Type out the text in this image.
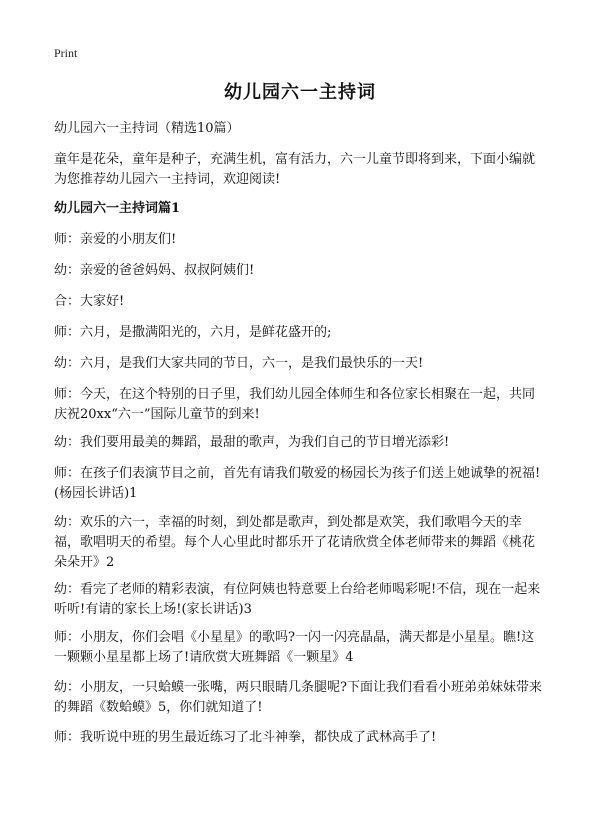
Print
幼儿园六一主持词

幼儿园六一主持词（精选10篇）

童年是花朵，童年是种子，充满生机，富有活力，六一儿童节即将到来，下面小编就为您推荐幼儿园六一主持词，欢迎阅读!

幼儿园六一主持词篇1

师：亲爱的小朋友们!

幼：亲爱的爸爸妈妈、叔叔阿姨们!

合：大家好!

师：六月，是撒满阳光的，六月，是鲜花盛开的;

幼：六月，是我们大家共同的节日，六一，是我们最快乐的一天!

师：今天，在这个特别的日子里，我们幼儿园全体师生和各位家长相聚在一起，共同庆祝20xx“六一”国际儿童节的到来!

幼：我们要用最美的舞蹈，最甜的歌声，为我们自己的节日增光添彩!

师：在孩子们表演节目之前，首先有请我们敬爱的杨园长为孩子们送上她诚挚的祝福!(杨园长讲话)1

幼：欢乐的六一，幸福的时刻，到处都是歌声，到处都是欢笑，我们歌唱今天的幸福，歌唱明天的希望。每个人心里此时都乐开了花请欣赏全体老师带来的舞蹈《桃花朵朵开》2

幼：看完了老师的精彩表演，有位阿姨也特意要上台给老师喝彩呢!不信，现在一起来听听!有请的家长上场!(家长讲话)3

师：小朋友，你们会唱《小星星》的歌吗?一闪一闪亮晶晶，满天都是小星星。瞧!这一颗颗小星星都上场了!请欣赏大班舞蹈《一颗星》4

幼：小朋友，一只蛤蟆一张嘴，两只眼睛几条腿呢?下面让我们看看小班弟弟妹妹带来的舞蹈《数蛤蟆》5，你们就知道了!

师：我听说中班的男生最近练习了北斗神拳，都快成了武林高手了!
